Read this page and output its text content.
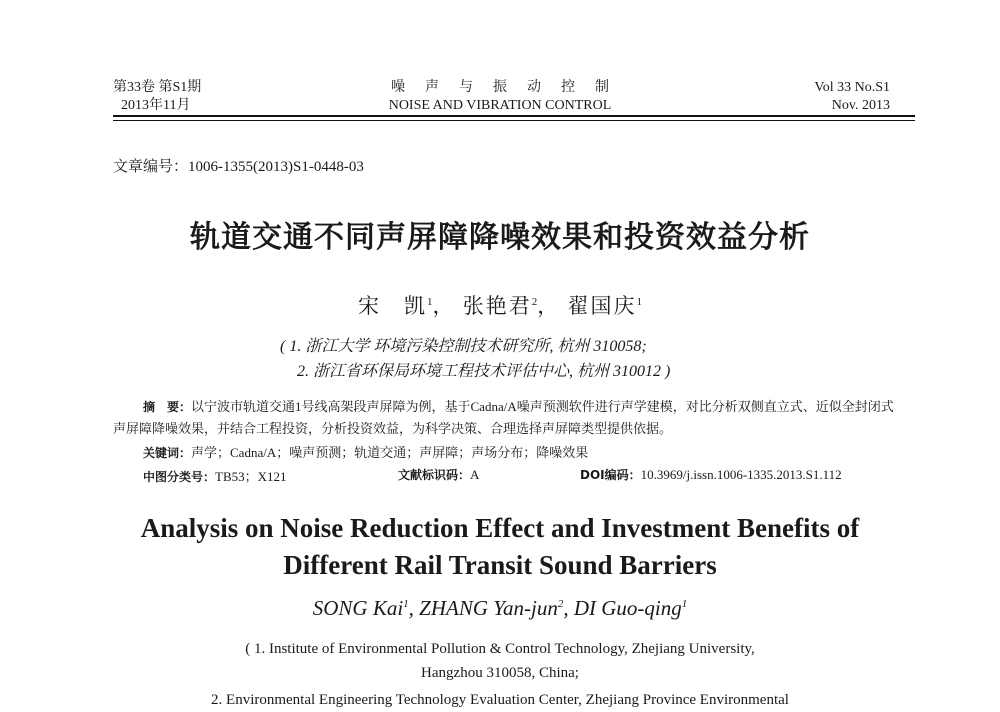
第33卷 第S1期
2013年11月
噪声与振动控制
NOISE AND VIBRATION CONTROL
Vol 33 No.S1
Nov. 2013
文章编号：1006-1355(2013)S1-0448-03
轨道交通不同声屏障降噪效果和投资效益分析
宋　凯$^1$， 张艳君$^2$， 翟国庆$^1$
( 1. 浙江大学 环境污染控制技术研究所, 杭州 310058;
2. 浙江省环保局环境工程技术评估中心, 杭州 310012 )
摘　要：以宁波市轨道交通1号线高架段声屏障为例，基于Cadna/A噪声预测软件进行声学建模，对比分析双侧直立式、近似全封闭式声屏障降噪效果，并结合工程投资，分析投资效益，为科学决策、合理选择声屏障类型提供依据。
关键词：声学；Cadna/A；噪声预测；轨道交通；声屏障；声场分布；降噪效果
中图分类号：TB53；X121	文献标识码：A	DOI编码：10.3969/j.issn.1006-1335.2013.S1.112
Analysis on Noise Reduction Effect and Investment Benefits of
Different Rail Transit Sound Barriers
SONG Kai$^1$, ZHANG Yan-jun$^2$, DI Guo-qing$^1$
( 1. Institute of Environmental Pollution & Control Technology, Zhejiang University,
Hangzhou 310058, China;
2. Environmental Engineering Technology Evaluation Center, Zhejiang Province Environmental
